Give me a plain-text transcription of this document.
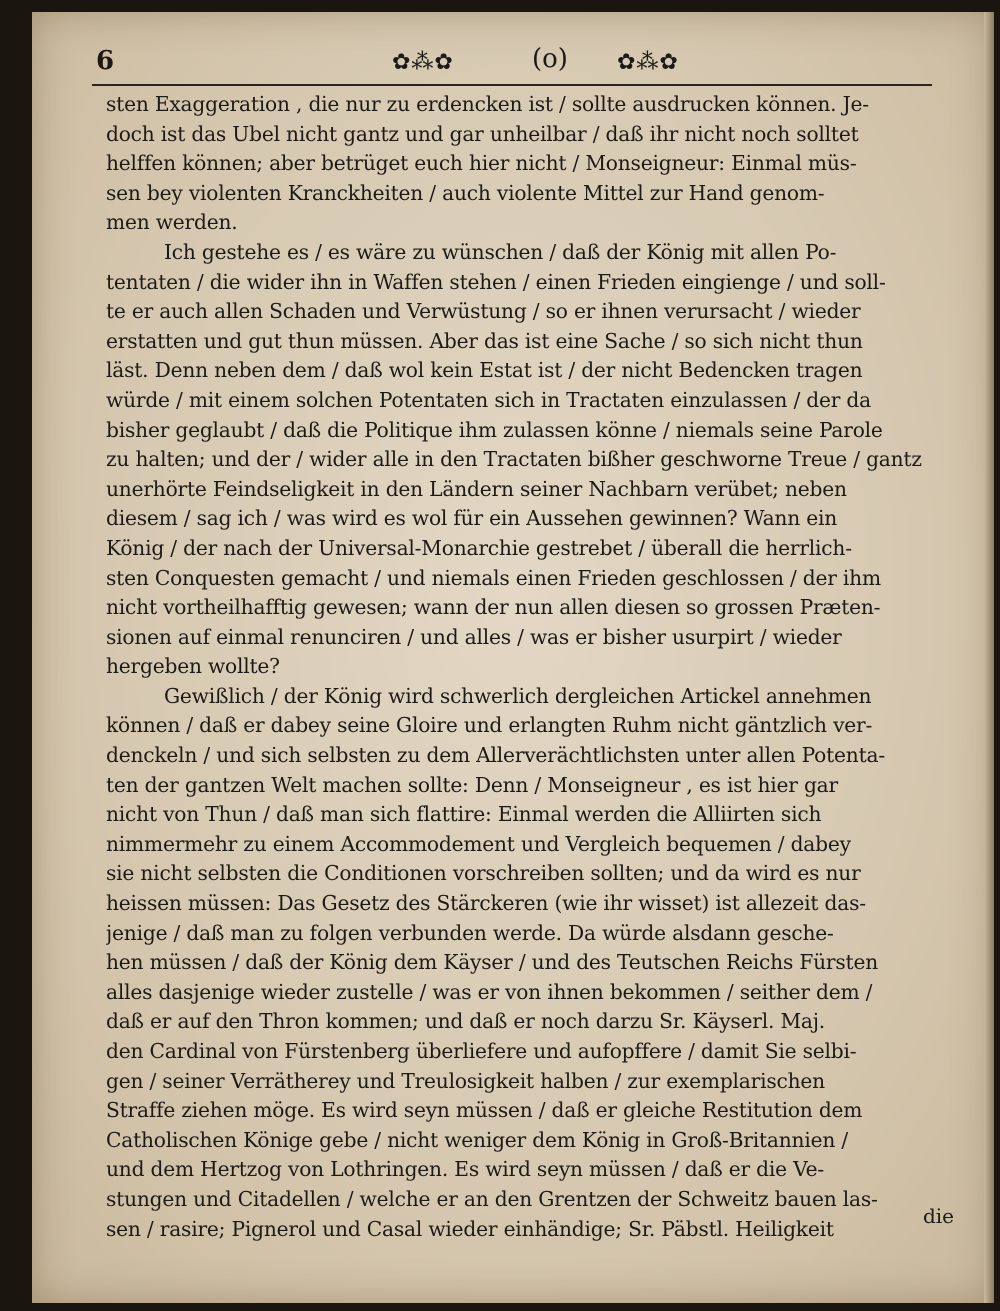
6	✿⁂✿	(o) ✿⁂✿
sten Exaggeration , die nur zu erdencken ist / sollte ausdrucken können. Je-
doch ist das Ubel nicht gantz und gar unheilbar / daß ihr nicht noch solltet
helffen können; aber betrüget euch hier nicht / Monseigneur: Einmal müs-
sen bey violenten Kranckheiten / auch violente Mittel zur Hand genom-
men werden.
Ich gestehe es / es wäre zu wünschen / daß der König mit allen Po-
tentaten / die wider ihn in Waffen stehen / einen Frieden eingienge / und soll-
te er auch allen Schaden und Verwüstung / so er ihnen verursacht / wieder
erstatten und gut thun müssen. Aber das ist eine Sache / so sich nicht thun
läst. Denn neben dem / daß wol kein Estat ist / der nicht Bedencken tragen
würde / mit einem solchen Potentaten sich in Tractaten einzulassen / der da
bisher geglaubt / daß die Politique ihm zulassen könne / niemals seine Parole
zu halten; und der / wider alle in den Tractaten bißher geschworne Treue / gantz
unerhörte Feindseligkeit in den Ländern seiner Nachbarn verübet; neben
diesem / sag ich / was wird es wol für ein Aussehen gewinnen? Wann ein
König / der nach der Universal-Monarchie gestrebet / überall die herrlich-
sten Conquesten gemacht / und niemals einen Frieden geschlossen / der ihm
nicht vortheilhafftig gewesen; wann der nun allen diesen so grossen Præten-
sionen auf einmal renunciren / und alles / was er bisher usurpirt / wieder
hergeben wollte?
Gewißlich / der König wird schwerlich dergleichen Artickel annehmen
können / daß er dabey seine Gloire und erlangten Ruhm nicht gäntzlich ver-
denckeln / und sich selbsten zu dem Allerverächtlichsten unter allen Potenta-
ten der gantzen Welt machen sollte: Denn / Monseigneur , es ist hier gar
nicht von Thun / daß man sich flattire: Einmal werden die Alliirten sich
nimmermehr zu einem Accommodement und Vergleich bequemen / dabey
sie nicht selbsten die Conditionen vorschreiben sollten; und da wird es nur
heissen müssen: Das Gesetz des Stärckeren (wie ihr wisset) ist allezeit das-
jenige / daß man zu folgen verbunden werde. Da würde alsdann gesche-
hen müssen / daß der König dem Käyser / und des Teutschen Reichs Fürsten
alles dasjenige wieder zustelle / was er von ihnen bekommen / seither dem /
daß er auf den Thron kommen; und daß er noch darzu Sr. Käyserl. Maj.
den Cardinal von Fürstenberg überliefere und aufopffere / damit Sie selbi-
gen / seiner Verrätherey und Treulosigkeit halben / zur exemplarischen
Straffe ziehen möge. Es wird seyn müssen / daß er gleiche Restitution dem
Catholischen Könige gebe / nicht weniger dem König in Groß-Britannien /
und dem Hertzog von Lothringen. Es wird seyn müssen / daß er die Ve-
stungen und Citadellen / welche er an den Grentzen der Schweitz bauen las-
sen / rasire; Pignerol und Casal wieder einhändige; Sr. Päbstl. Heiligkeit
die
